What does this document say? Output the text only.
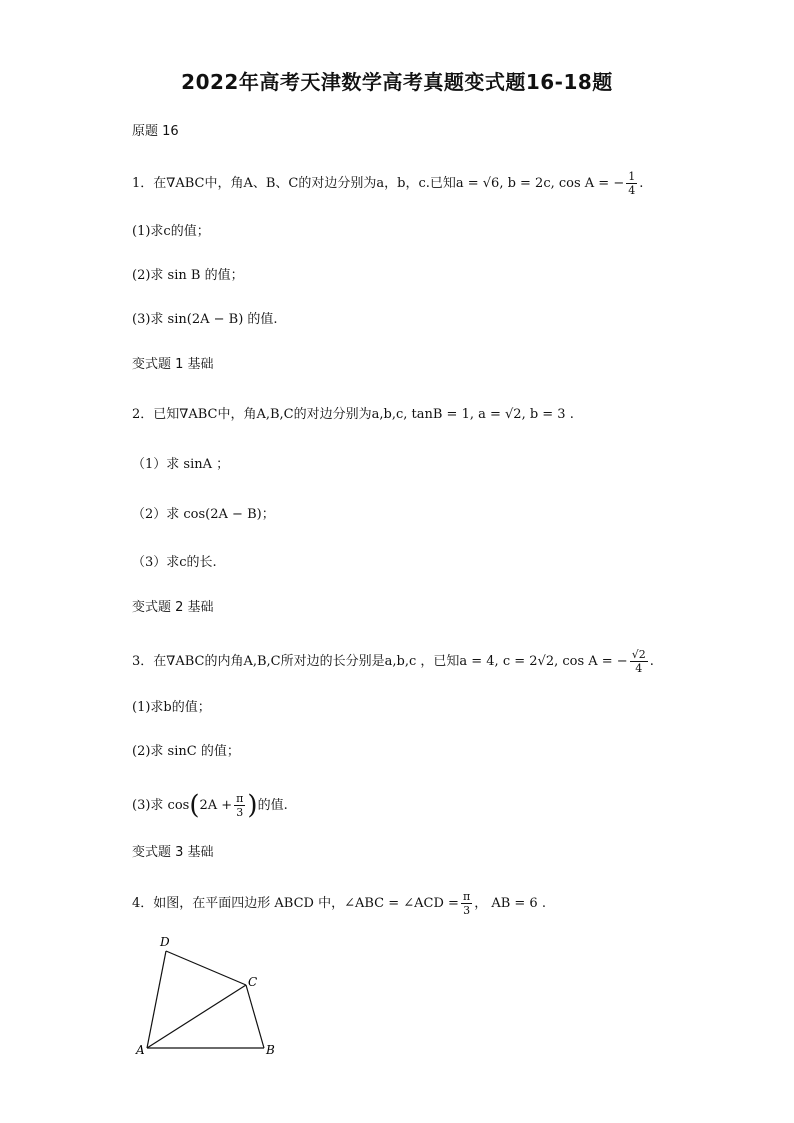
2022年高考天津数学高考真题变式题16-18题
原题 16
1．在∇ABC中，角A、B、C的对边分别为a，b，c.已知a = √6, b = 2c, cos A = − $\frac{1}{4}$ .
(1)求c的值；
(2)求 sin B 的值；
(3)求 sin(2A − B) 的值.
变式题 1 基础
2．已知∇ABC中，角A,B,C的对边分别为a,b,c, tanB = 1, a = √2, b = 3 .
（1）求 sinA ；
（2）求 cos(2A − B)；
（3）求c的长.
变式题 2 基础
3．在∇ABC的内角A,B,C所对边的长分别是a,b,c ，已知a = 4, c = 2√2, cos A = − $\frac{√2}{4}$ .
(1)求b的值；
(2)求 sinC 的值；
(3)求 $\cos(2A + \frac{\pi}{3}$ )的值.
变式题 3 基础
4．如图，在平面四边形 ABCD 中，∠ABC = ∠ACD = $\frac{\pi}{3}$ ， AB = 6 .
D
C
A	B
